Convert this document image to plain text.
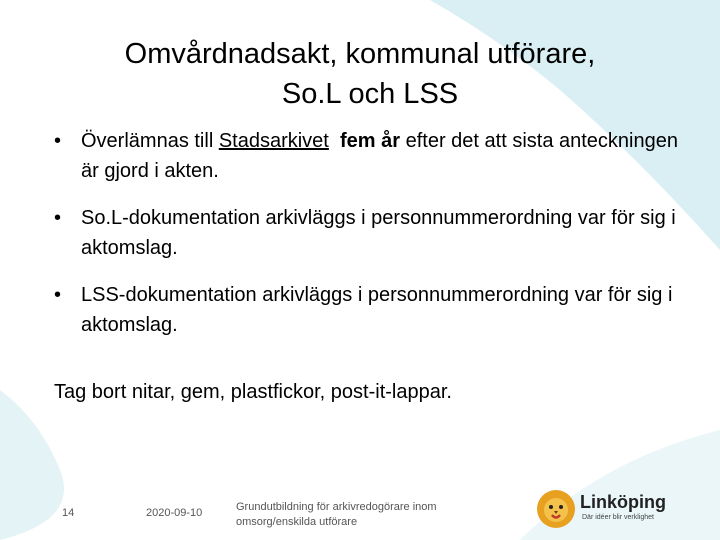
Omvårdnadsakt, kommunal utförare,
So.L och LSS
• Överlämnas till Stadsarkivet fem år efter det att sista anteckningen är gjord i akten.
• So.L-dokumentation arkivläggs i personnummerordning var för sig i aktomslag.
• LSS-dokumentation arkivläggs i personnummerordning var för sig i aktomslag.
Tag bort nitar, gem, plastfickor, post-it-lappar.
14	2020-09-10	Grundutbildning för arkivredogörare inom omsorg/enskilda utförare
Linköping
Där idéer blir verklighet
